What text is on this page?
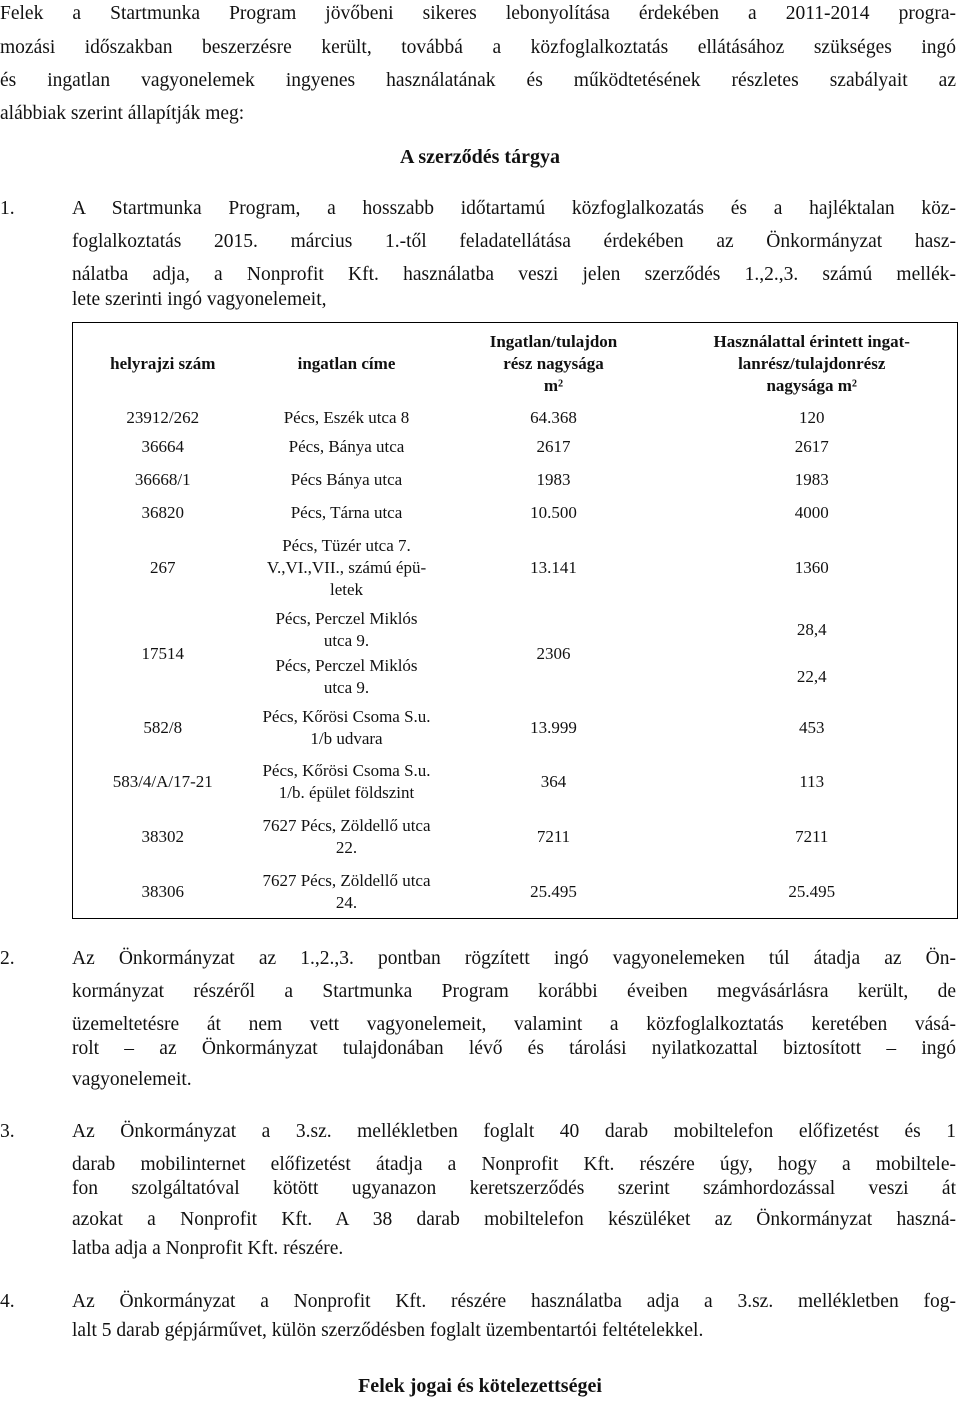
Felek a Startmunka Program jövőbeni sikeres lebonyolítása érdekében a 2011-2014 progra-

mozási időszakban beszerzésre került, továbbá a közfoglalkoztatás ellátásához szükséges ingó

és ingatlan vagyonelemek ingyenes használatának és működtetésének részletes szabályait az

alábbiak szerint állapítják meg:

A szerződés tárgya
1.	A Startmunka Program, a hosszabb időtartamú közfoglalkozatás és a hajléktalan köz-

foglalkoztatás 2015. március 1.-től feladatellátása érdekében az Önkormányzat hasz-

nálatba adja, a Nonprofit Kft. használatba veszi jelen szerződés 1.,2.,3. számú mellék-

lete szerinti ingó vagyonelemeit,

helyrajzi szám	ingatlan címe	Ingatlan/tulajdon
rész nagysága
m²	Használattal érintett ingat-
lanrész/tulajdonrész
nagysága m²

23912/262	Pécs, Eszék utca 8	64.368	120
36664	Pécs, Bánya utca	2617	2617
36668/1	Pécs Bánya utca	1983	1983
36820	Pécs, Tárna utca	10.500	4000
267	Pécs, Tüzér utca 7.
V.,VI.,VII., számú épü-
letek	13.141	1360
17514	Pécs, Perczel Miklós
utca 9.	2306	28,4

	Pécs, Perczel Miklós
utca 9.		22,4
582/8	Pécs, Kőrösi Csoma S.u.
1/b udvara	13.999	453
583/4/A/17-21	Pécs, Kőrösi Csoma S.u.
1/b. épület földszint	364	113
38302	7627 Pécs, Zöldellő utca
22.	7211	7211
38306	7627 Pécs, Zöldellő utca
24.	25.495	25.495
2.	Az Önkormányzat az 1.,2.,3. pontban rögzített ingó vagyonelemeken túl átadja az Ön-

kormányzat részéről a Startmunka Program korábbi éveiben megvásárlásra került, de

üzemeltetésre át nem vett vagyonelemeit, valamint a közfoglalkoztatás keretében vásá-

rolt – az Önkormányzat tulajdonában lévő és tárolási nyilatkozattal biztosított – ingó

vagyonelemeit.

3.	Az Önkormányzat a 3.sz. mellékletben foglalt 40 darab mobiltelefon előfizetést és 1

darab mobilinternet előfizetést átadja a Nonprofit Kft. részére úgy, hogy a mobiltele-

fon szolgáltatóval kötött ugyanazon keretszerződés szerint számhordozással veszi át

azokat a Nonprofit Kft. A 38 darab mobiltelefon készüléket az Önkormányzat haszná-

latba adja a Nonprofit Kft. részére.

4.	Az Önkormányzat a Nonprofit Kft. részére használatba adja a 3.sz. mellékletben fog-

lalt 5 darab gépjárművet, külön szerződésben foglalt üzembentartói feltételekkel.

Felek jogai és kötelezettségei
